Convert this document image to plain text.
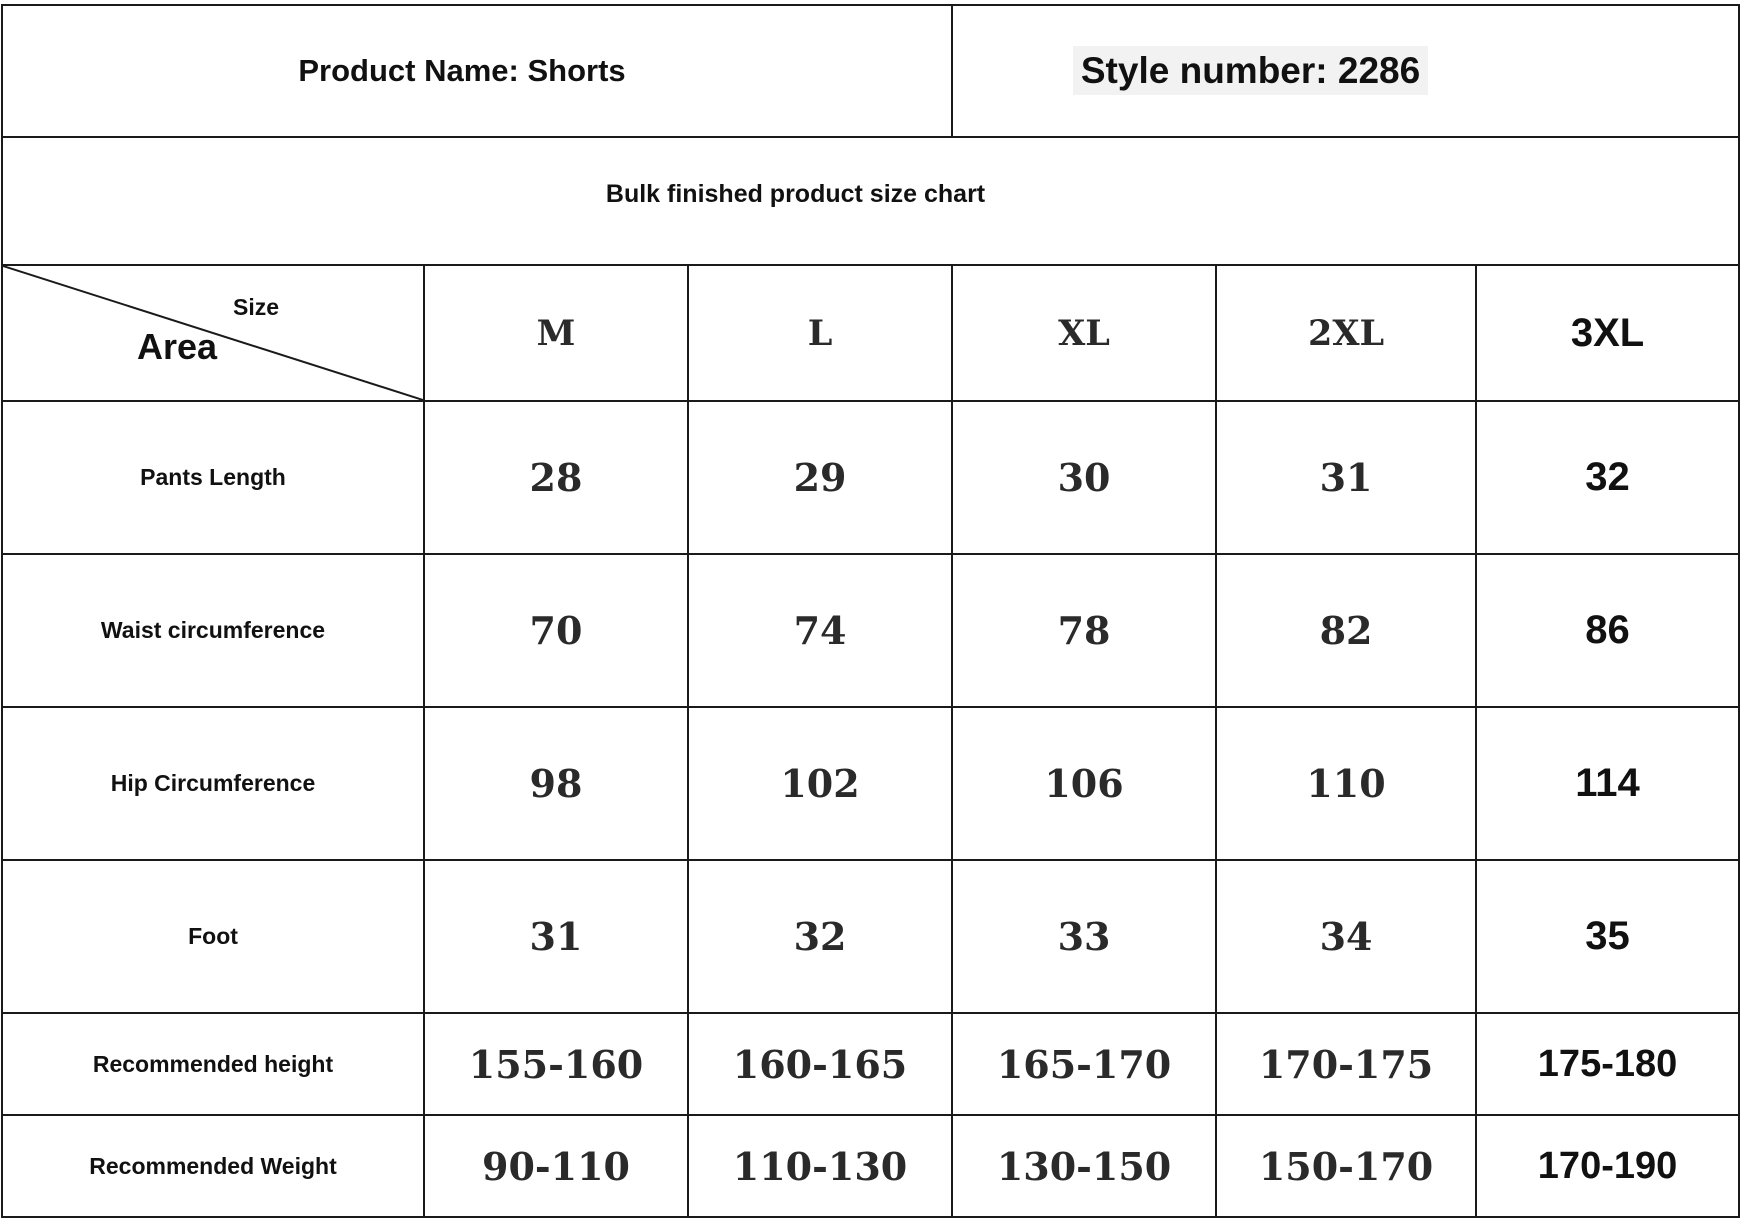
Product Name: Shorts			Style number: 2286		
Bulk finished product size chart					

Size
Area	M	L	XL	2XL	3XL
Pants Length	28	29	30	31	32
Waist circumference	70	74	78	82	86
Hip Circumference	98	102	106	110	114
Foot	31	32	33	34	35
Recommended height	155-160	160-165	165-170	170-175	175-180
Recommended Weight	90-110	110-130	130-150	150-170	170-190
